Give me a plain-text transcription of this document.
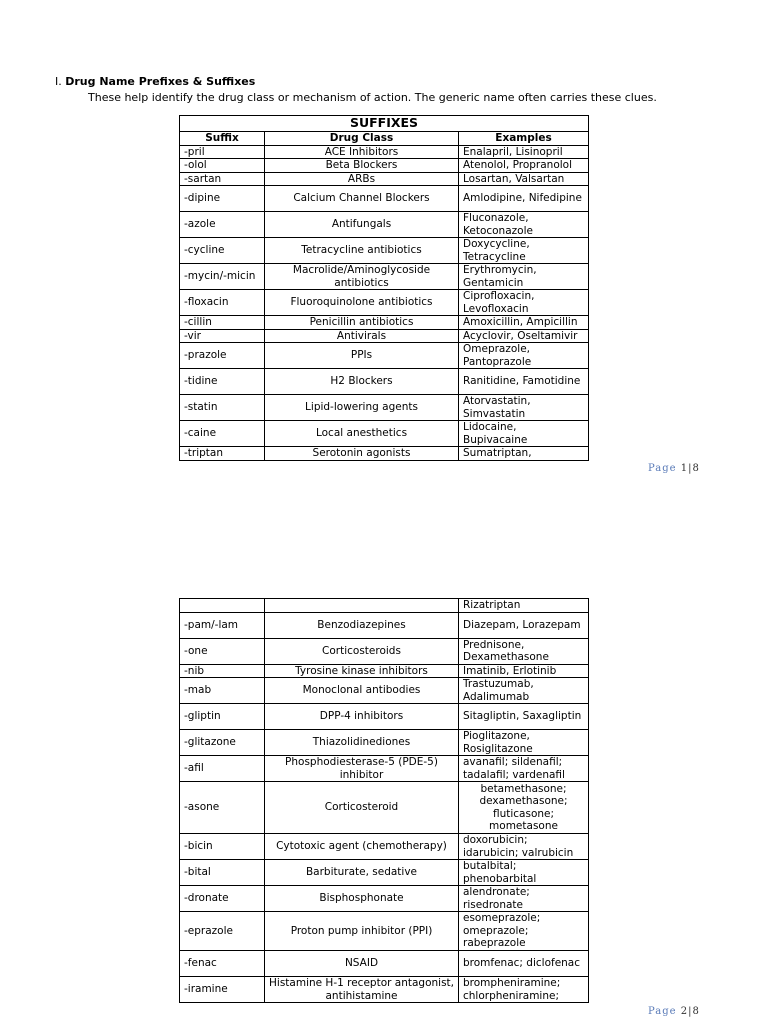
I. Drug Name Prefixes & Suffixes
These help identify the drug class or mechanism of action. The generic name often carries these clues.
SUFFIXES		
Suffix	Drug Class	Examples
-pril	ACE Inhibitors	Enalapril, Lisinopril
-olol	Beta Blockers	Atenolol, Propranolol
-sartan	ARBs	Losartan, Valsartan
-dipine	Calcium Channel Blockers	Amlodipine, Nifedipine
-azole	Antifungals	Fluconazole, Ketoconazole
-cycline	Tetracycline antibiotics	Doxycycline, Tetracycline
-mycin/-micin	Macrolide/Aminoglycoside antibiotics	Erythromycin, Gentamicin
-floxacin	Fluoroquinolone antibiotics	Ciprofloxacin, Levofloxacin
-cillin	Penicillin antibiotics	Amoxicillin, Ampicillin
-vir	Antivirals	Acyclovir, Oseltamivir
-prazole	PPIs	Omeprazole, Pantoprazole
-tidine	H2 Blockers	Ranitidine, Famotidine
-statin	Lipid-lowering agents	Atorvastatin, Simvastatin
-caine	Local anesthetics	Lidocaine, Bupivacaine
-triptan	Serotonin agonists	Sumatriptan,
Page 1|8
		Rizatriptan
-pam/-lam	Benzodiazepines	Diazepam, Lorazepam
-one	Corticosteroids	Prednisone, Dexamethasone
-nib	Tyrosine kinase inhibitors	Imatinib, Erlotinib
-mab	Monoclonal antibodies	Trastuzumab, Adalimumab
-gliptin	DPP-4 inhibitors	Sitagliptin, Saxagliptin
-glitazone	Thiazolidinediones	Pioglitazone, Rosiglitazone
-afil	Phosphodiesterase-5 (PDE-5) inhibitor	avanafil; sildenafil; tadalafil; vardenafil
-asone	Corticosteroid	betamethasone; dexamethasone; fluticasone; mometasone
-bicin	Cytotoxic agent (chemotherapy)	doxorubicin; idarubicin; valrubicin
-bital	Barbiturate, sedative	butalbital; phenobarbital
-dronate	Bisphosphonate	alendronate; risedronate
-eprazole	Proton pump inhibitor (PPI)	esomeprazole; omeprazole; rabeprazole
-fenac	NSAID	bromfenac; diclofenac
-iramine	Histamine H-1 receptor antagonist, antihistamine	brompheniramine; chlorpheniramine;
Page 2|8
